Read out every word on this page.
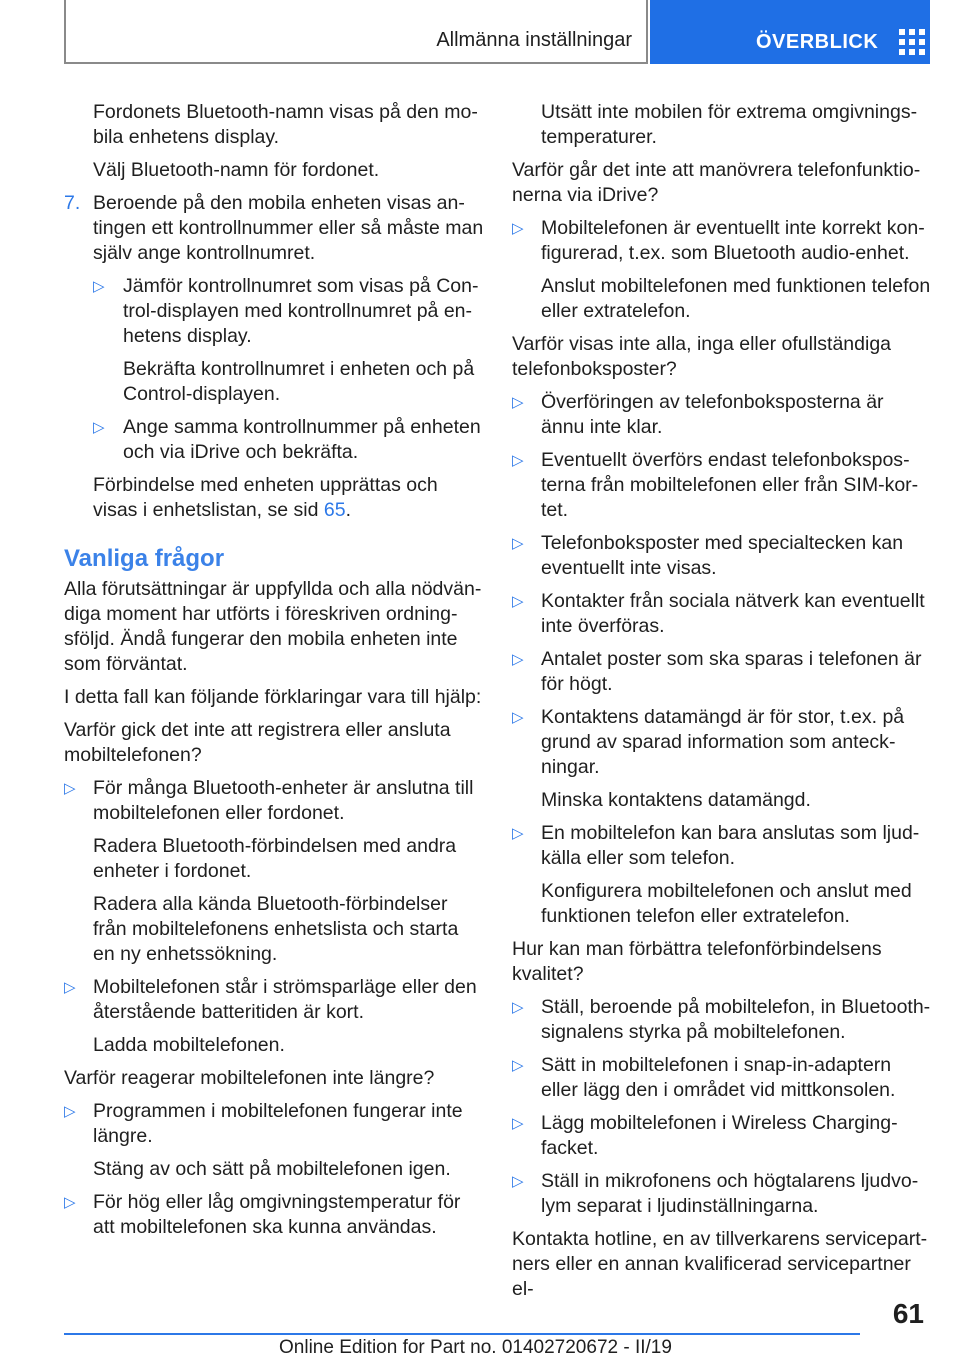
Allmänna inställningar	ÖVERBLICK
Fordonets Bluetooth-namn visas på den mobila enhetens display.
Välj Bluetooth-namn för fordonet.
7. Beroende på den mobila enheten visas antingen ett kontrollnummer eller så måste man själv ange kontrollnumret.
▷ Jämför kontrollnumret som visas på Control-displayen med kontrollnumret på enhetens display.
Bekräfta kontrollnumret i enheten och på Control-displayen.
▷ Ange samma kontrollnummer på enheten och via iDrive och bekräfta.
Förbindelse med enheten upprättas och visas i enhetslistan, se sid 65.
Vanliga frågor
Alla förutsättningar är uppfyllda och alla nödvändiga moment har utförts i föreskriven ordningsföljd. Ändå fungerar den mobila enheten inte som förväntat.
I detta fall kan följande förklaringar vara till hjälp:
Varför gick det inte att registrera eller ansluta mobiltelefonen?
▷ För många Bluetooth-enheter är anslutna till mobiltelefonen eller fordonet.
Radera Bluetooth-förbindelsen med andra enheter i fordonet.
Radera alla kända Bluetooth-förbindelser från mobiltelefonens enhetslista och starta en ny enhetssökning.
▷ Mobiltelefonen står i strömsparläge eller den återstående batteritiden är kort.
Ladda mobiltelefonen.
Varför reagerar mobiltelefonen inte längre?
▷ Programmen i mobiltelefonen fungerar inte längre.
Stäng av och sätt på mobiltelefonen igen.
▷ För hög eller låg omgivningstemperatur för att mobiltelefonen ska kunna användas.
Utsätt inte mobilen för extrema omgivningstemperaturer.
Varför går det inte att manövrera telefonfunktionerna via iDrive?
▷ Mobiltelefonen är eventuellt inte korrekt konfigurerad, t.ex. som Bluetooth audio-enhet.
Anslut mobiltelefonen med funktionen telefon eller extratelefon.
Varför visas inte alla, inga eller ofullständiga telefonboksposter?
▷ Överföringen av telefonboksposterna är ännu inte klar.
▷ Eventuellt överförs endast telefonboksposterna från mobiltelefonen eller från SIM-kortet.
▷ Telefonboksposter med specialtecken kan eventuellt inte visas.
▷ Kontakter från sociala nätverk kan eventuellt inte överföras.
▷ Antalet poster som ska sparas i telefonen är för högt.
▷ Kontaktens datamängd är för stor, t.ex. på grund av sparad information som anteckningar.
Minska kontaktens datamängd.
▷ En mobiltelefon kan bara anslutas som ljudkälla eller som telefon.
Konfigurera mobiltelefonen och anslut med funktionen telefon eller extratelefon.
Hur kan man förbättra telefonförbindelsens kvalitet?
▷ Ställ, beroende på mobiltelefon, in Bluetooth-signalens styrka på mobiltelefonen.
▷ Sätt in mobiltelefonen i snap-in-adaptern eller lägg den i området vid mittkonsolen.
▷ Lägg mobiltelefonen i Wireless Charging-facket.
▷ Ställ in mikrofonens och högtalarens ljudvolym separat i ljudinställningarna.
Kontakta hotline, en av tillverkarens servicepartners eller en annan kvalificerad servicepartner el-
61
Online Edition for Part no. 01402720672 - II/19
